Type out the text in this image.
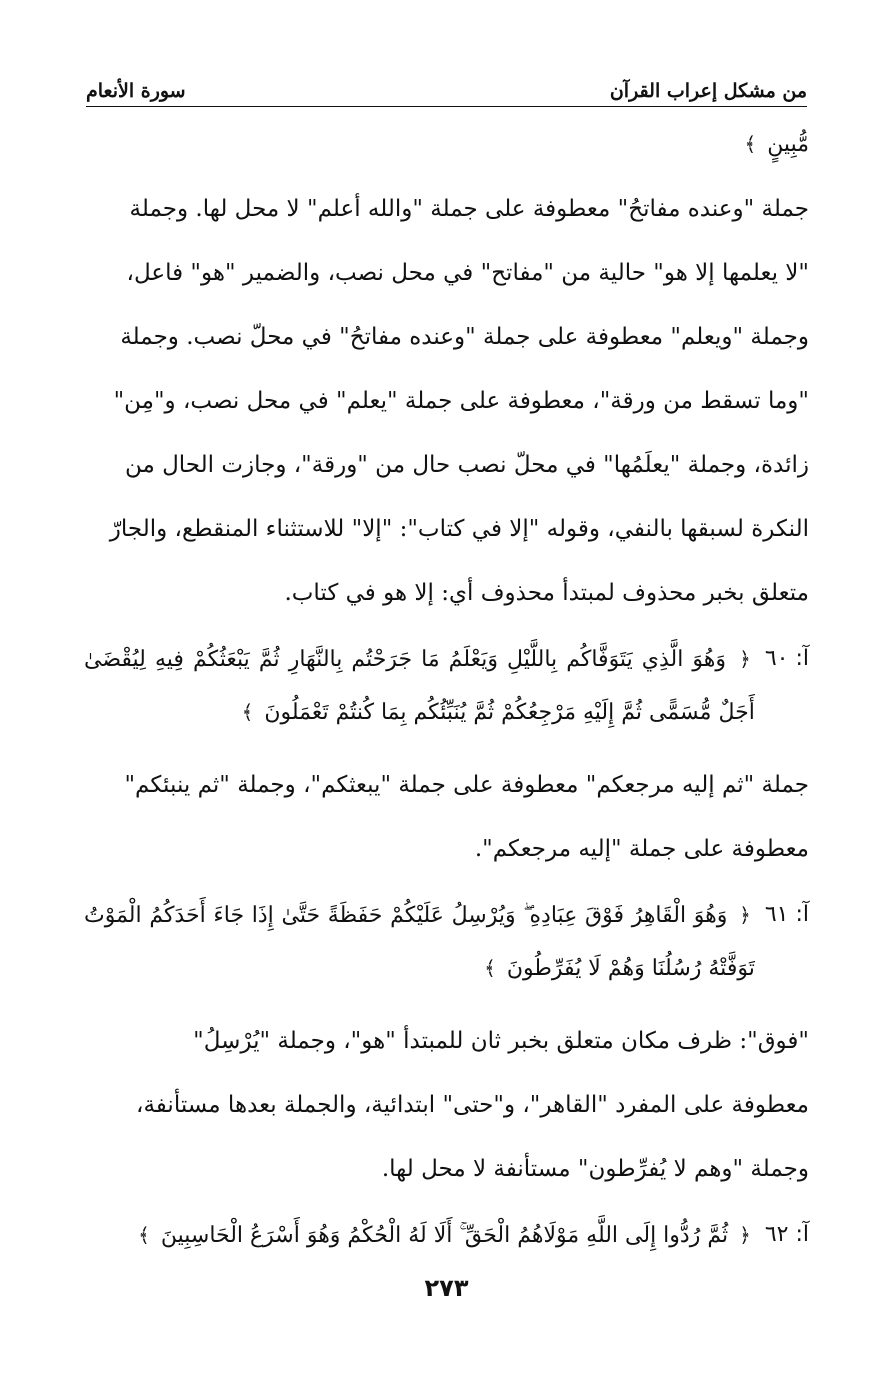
من مشكل إعراب القرآن
سورة الأنعام
مُّبِينٍ ﴾

جملة "وعنده مفاتحُ" معطوفة على جملة "والله أعلم" لا محل لها. وجملة

"لا يعلمها إلا هو" حالية من "مفاتح" في محل نصب، والضمير "هو" فاعل،

وجملة "ويعلم" معطوفة على جملة "وعنده مفاتحُ" في محلّ نصب. وجملة

"وما تسقط من ورقة"، معطوفة على جملة "يعلم" في محل نصب، و"مِن"

زائدة، وجملة "يعلَمُها" في محلّ نصب حال من "ورقة"، وجازت الحال من

النكرة لسبقها بالنفي، وقوله "إلا في كتاب": "إلا" للاستثناء المنقطع، والجارّ

متعلق بخبر محذوف لمبتدأ محذوف أي: إلا هو في كتاب.

آ: ٦٠
﴿ وَهُوَ الَّذِي يَتَوَفَّاكُم بِاللَّيْلِ وَيَعْلَمُ مَا جَرَحْتُم بِالنَّهَارِ ثُمَّ يَبْعَثُكُمْ فِيهِ لِيُقْضَىٰ أَجَلٌ مُّسَمًّى ثُمَّ إِلَيْهِ مَرْجِعُكُمْ ثُمَّ يُنَبِّئُكُم بِمَا كُنتُمْ تَعْمَلُونَ ﴾

جملة "ثم إليه مرجعكم" معطوفة على جملة "يبعثكم"، وجملة "ثم ينبئكم"

معطوفة على جملة "إليه مرجعكم".

آ: ٦١
﴿ وَهُوَ الْقَاهِرُ فَوْقَ عِبَادِهِ ۖ وَيُرْسِلُ عَلَيْكُمْ حَفَظَةً حَتَّىٰ إِذَا جَاءَ أَحَدَكُمُ الْمَوْتُ تَوَفَّتْهُ رُسُلُنَا وَهُمْ لَا يُفَرِّطُونَ ﴾

"فوق": ظرف مكان متعلق بخبر ثان للمبتدأ "هو"، وجملة "يُرْسِلُ"

معطوفة على المفرد "القاهر"، و"حتى" ابتدائية، والجملة بعدها مستأنفة،

وجملة "وهم لا يُفرِّطون" مستأنفة لا محل لها.

آ: ٦٢
﴿ ثُمَّ رُدُّوا إِلَى اللَّهِ مَوْلَاهُمُ الْحَقِّ ۚ أَلَا لَهُ الْحُكْمُ وَهُوَ أَسْرَعُ الْحَاسِبِينَ ﴾
٢٧٣
